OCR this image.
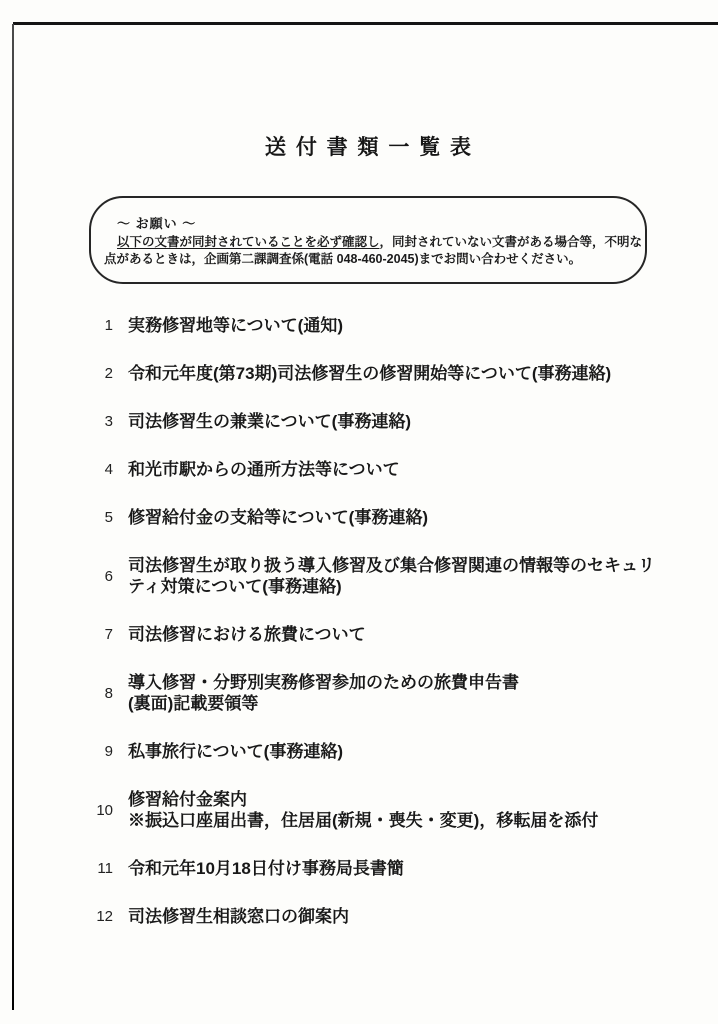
送 付 書 類 一 覧 表
～ お願い ～
以下の文書が同封されていることを必ず確認し，同封されていない文書がある場合等，不明な
点があるときは，企画第二課調査係(電話 048-460-2045)までお問い合わせください。
1 実務修習地等について(通知)
2 令和元年度(第73期)司法修習生の修習開始等について(事務連絡)
3 司法修習生の兼業について(事務連絡)
4 和光市駅からの通所方法等について
5 修習給付金の支給等について(事務連絡)
6
司法修習生が取り扱う導入修習及び集合修習関連の情報等のセキュリ
ティ対策について(事務連絡)
7 司法修習における旅費について
8
導入修習・分野別実務修習参加のための旅費申告書
(裏面)記載要領等
9 私事旅行について(事務連絡)
10
修習給付金案内
※振込口座届出書，住居届(新規・喪失・変更)，移転届を添付
11 令和元年10月18日付け事務局長書簡
12 司法修習生相談窓口の御案内
